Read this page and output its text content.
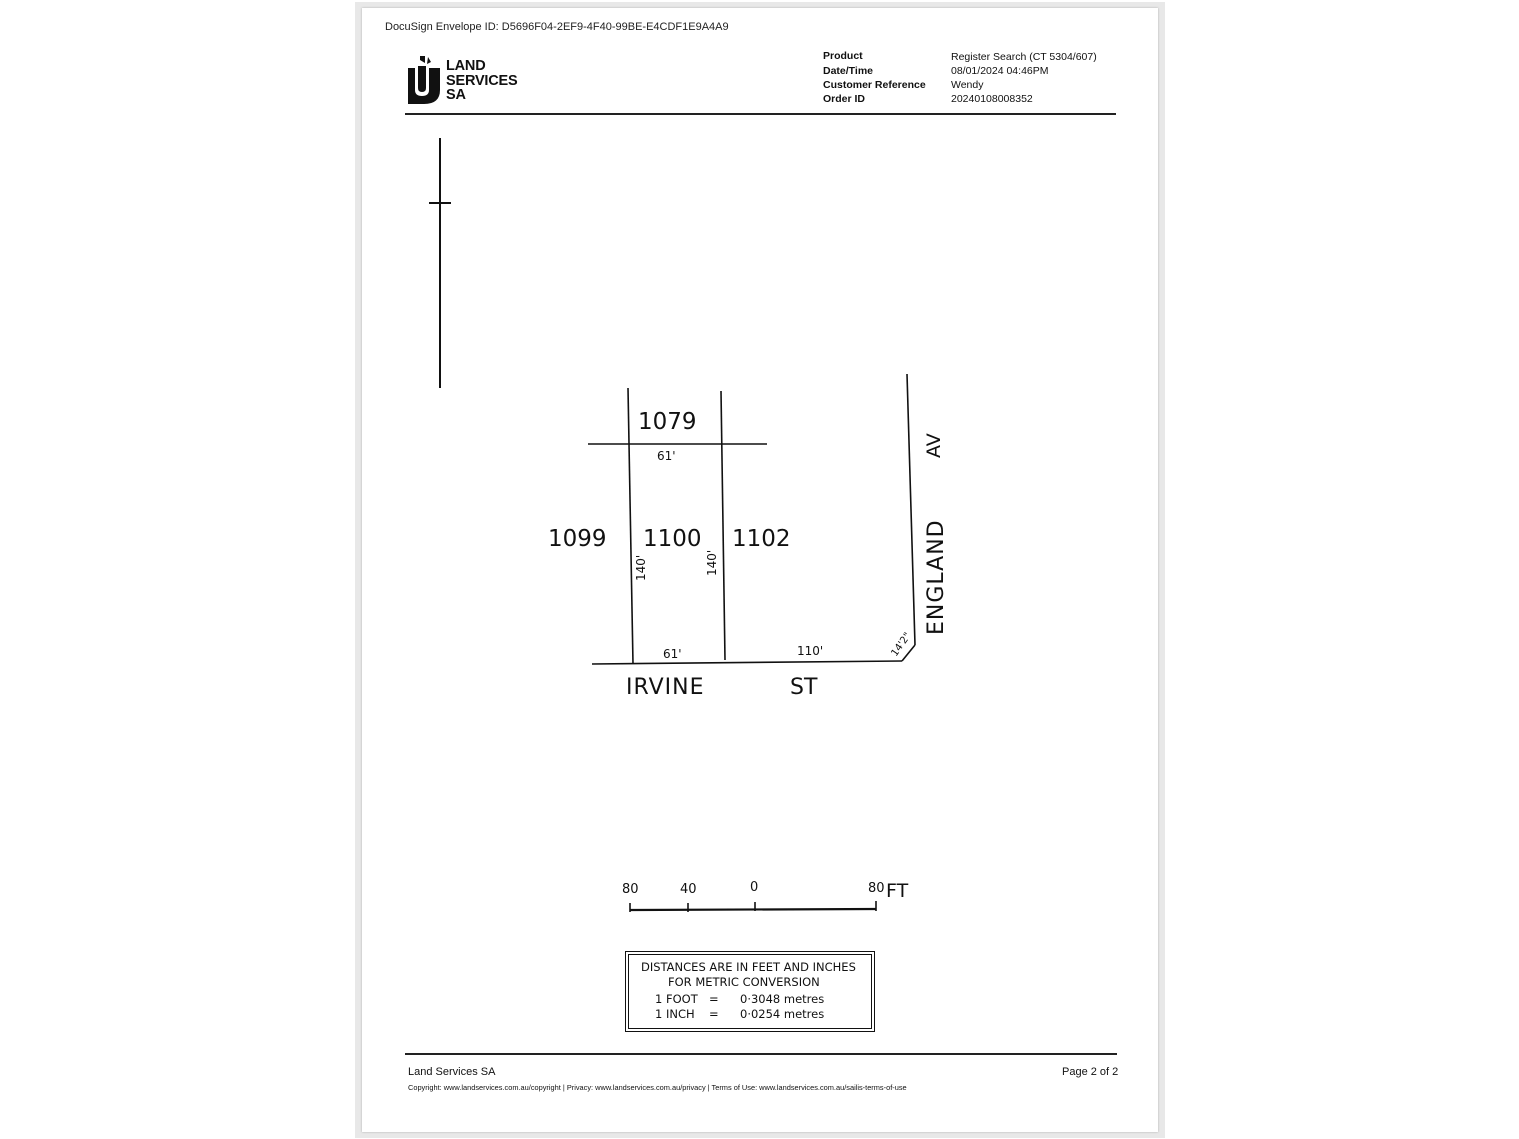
DocuSign Envelope ID: D5696F04-2EF9-4F40-99BE-E4CDF1E9A4A9
LAND
SERVICES
SA
Product	Register Search (CT 5304/607)
Date/Time	08/01/2024 04:46PM
Customer Reference Wendy
Order ID	20240108008352
1079
1099 1100 1102
61'
61'	110'
140'	140'
14'2"
IRVINE	ST
ENGLAND
AV
80	40	0	80 FT
DISTANCES ARE IN FEET AND INCHES
FOR METRIC CONVERSION
1 FOOT = 0·3048 metres
1 INCH = 0·0254 metres
Land Services SA	Page 2 of 2
Copyright: www.landservices.com.au/copyright | Privacy: www.landservices.com.au/privacy | Terms of Use: www.landservices.com.au/sailis-terms-of-use
